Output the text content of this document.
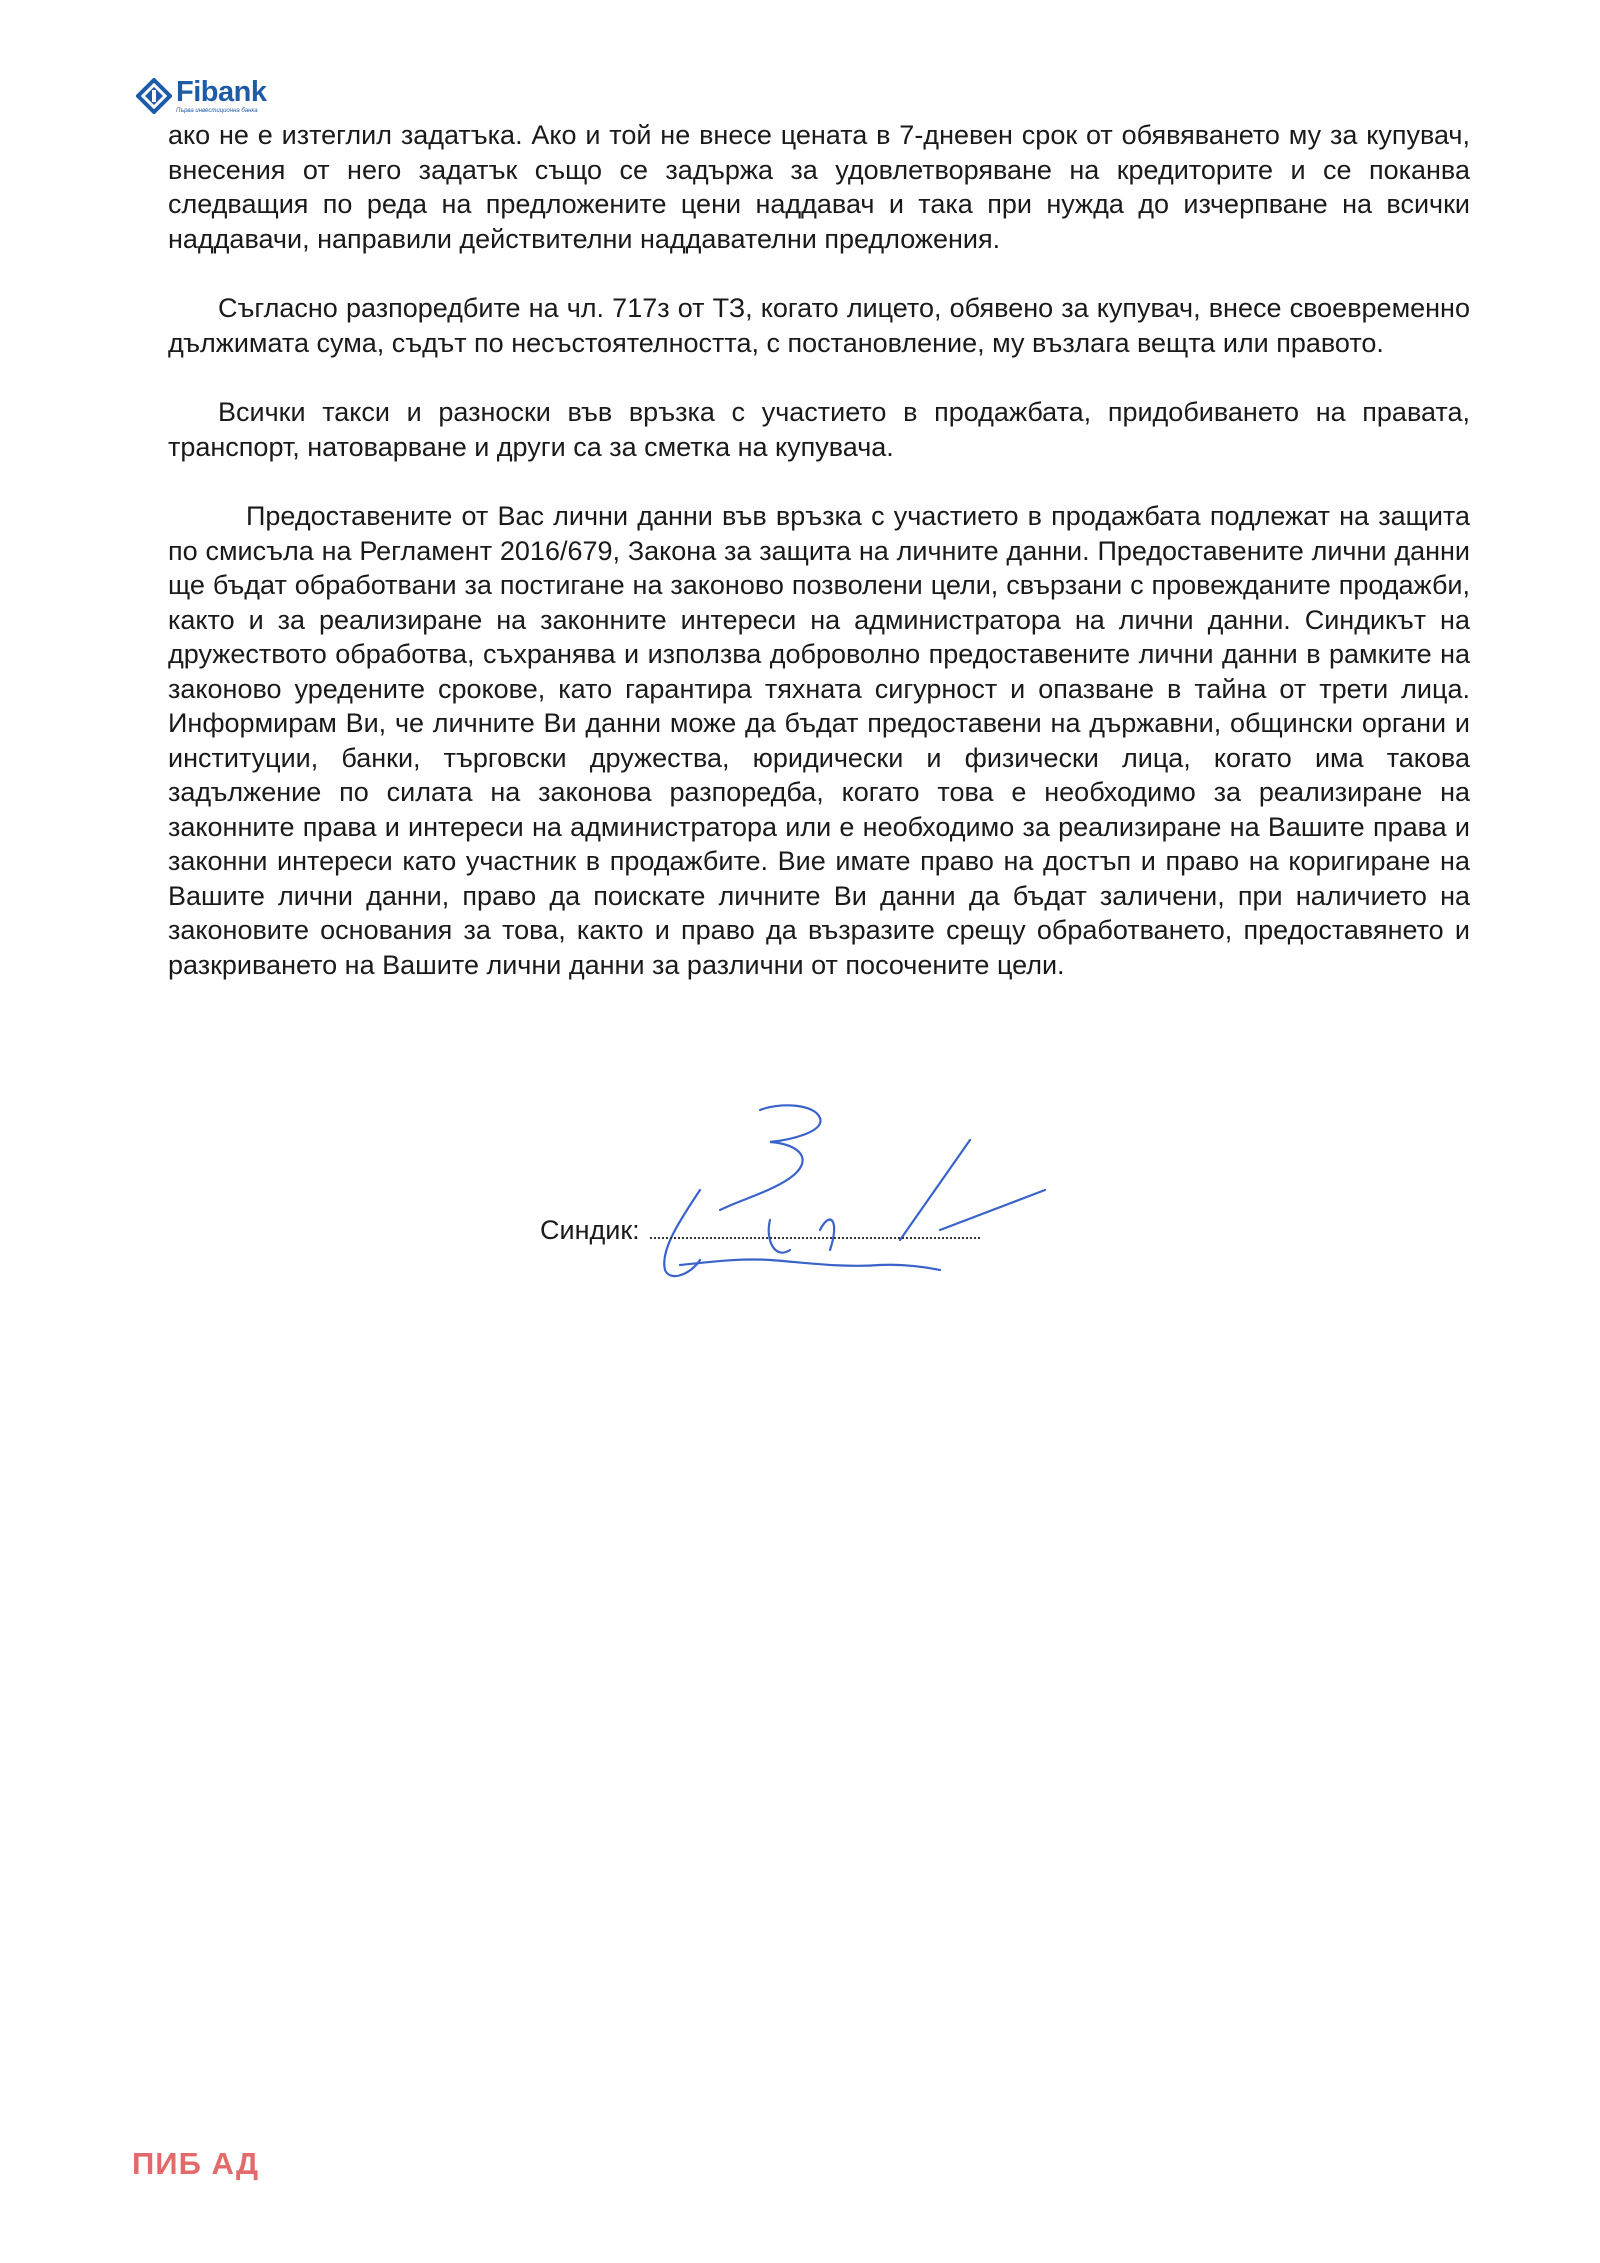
Fibank
Първа инвестиционна банка

ако не е изтеглил задатъка. Ако и той не внесе цената в 7-дневен срок от обявяването му за купувач, внесения от него задатък също се задържа за удовлетворяване на кредиторите и се поканва следващия по реда на предложените цени наддавач и така при нужда до изчерпване на всички наддавачи, направили действителни наддавателни предложения.

Съгласно разпоредбите на чл. 717з от ТЗ, когато лицето, обявено за купувач, внесе своевременно дължимата сума, съдът по несъстоятелността, с постановление, му възлага вещта или правото.

Всички такси и разноски във връзка с участието в продажбата, придобиването на правата, транспорт, натоварване и други са за сметка на купувача.

Предоставените от Вас лични данни във връзка с участието в продажбата подлежат на защита по смисъла на Регламент 2016/679, Закона за защита на личните данни. Предоставените лични данни ще бъдат обработвани за постигане на законово позволени цели, свързани с провежданите продажби, както и за реализиране на законните интереси на администратора на лични данни. Синдикът на дружеството обработва, съхранява и използва доброволно предоставените лични данни в рамките на законово уредените срокове, като гарантира тяхната сигурност и опазване в тайна от трети лица. Информирам Ви, че личните Ви данни може да бъдат предоставени на държавни, общински органи и институции, банки, търговски дружества, юридически и физически лица, когато има такова задължение по силата на законова разпоредба, когато това е необходимо за реализиране на законните права и интереси на администратора или е необходимо за реализиране на Вашите права и законни интереси като участник в продажбите. Вие имате право на достъп и право на коригиране на Вашите лични данни, право да поискате личните Ви данни да бъдат заличени, при наличието на законовите основания за това, както и право да възразите срещу обработването, предоставянето и разкриването на Вашите лични данни за различни от посочените цели.

Синдик:
ПИБ АД
